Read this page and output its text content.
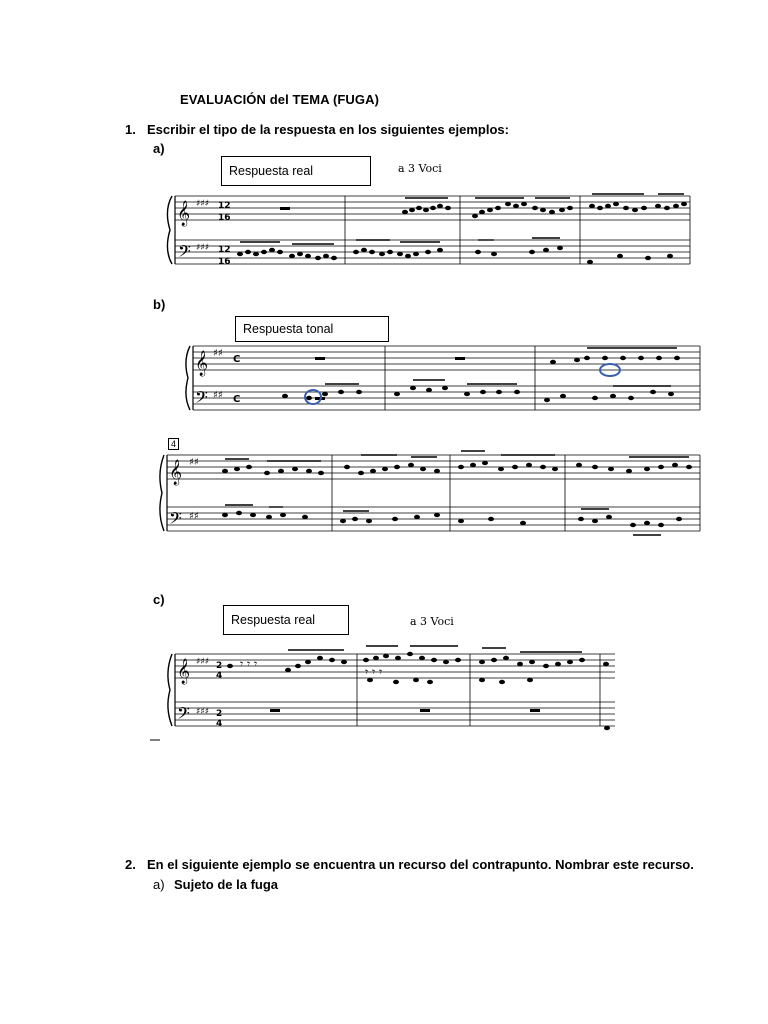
EVALUACIÓN del TEMA (FUGA)
1. Escribir el tipo de la respuesta en los siguientes ejemplos:
a)
Respuesta real	a 3 Voci
𝄞
𝄢
♯♯♯
♯♯♯
12
16
12
16
b)
Respuesta tonal
𝄞
𝄢
♯♯
♯♯
C
C
4
𝄞
𝄢
♯♯
♯♯
c)
Respuesta real	a 3 Voci
𝄞
𝄢
♯♯♯
♯♯♯
2
4
2
4
𝄾 𝄾 𝄾
𝄾 𝄾 𝄾
2. En el siguiente ejemplo se encuentra un recurso del contrapunto. Nombrar este recurso.
a) Sujeto de la fuga
